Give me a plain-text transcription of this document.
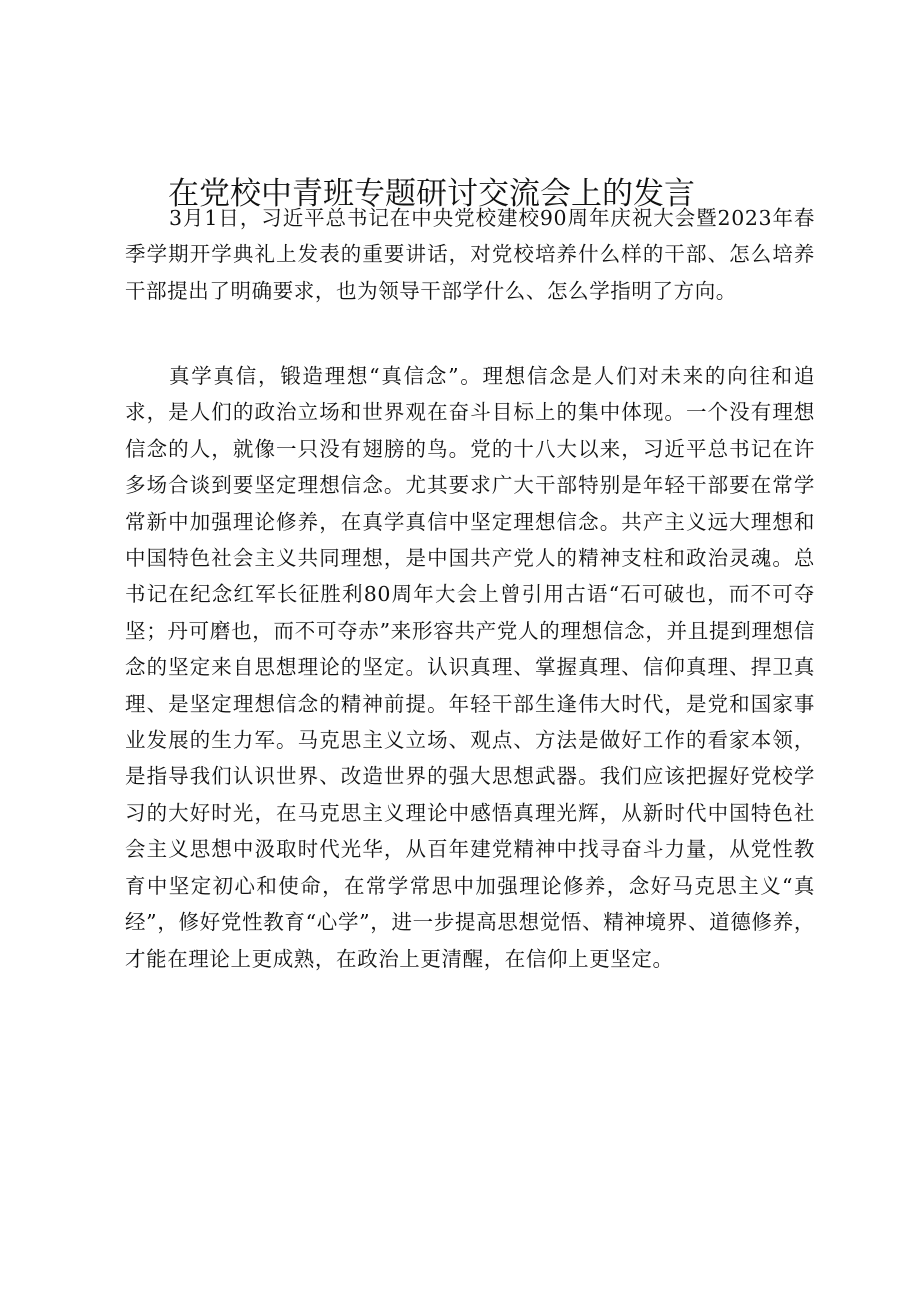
在党校中青班专题研讨交流会上的发言

3月1日，习近平总书记在中央党校建校90周年庆祝大会暨2023年春季学期开学典礼上发表的重要讲话，对党校培养什么样的干部、怎么培养干部提出了明确要求，也为领导干部学什么、怎么学指明了方向。

真学真信，锻造理想“真信念”。理想信念是人们对未来的向往和追求，是人们的政治立场和世界观在奋斗目标上的集中体现。一个没有理想信念的人，就像一只没有翅膀的鸟。党的十八大以来，习近平总书记在许多场合谈到要坚定理想信念。尤其要求广大干部特别是年轻干部要在常学常新中加强理论修养，在真学真信中坚定理想信念。共产主义远大理想和中国特色社会主义共同理想，是中国共产党人的精神支柱和政治灵魂。总书记在纪念红军长征胜利80周年大会上曾引用古语“石可破也，而不可夺坚；丹可磨也，而不可夺赤”来形容共产党人的理想信念，并且提到理想信念的坚定来自思想理论的坚定。认识真理、掌握真理、信仰真理、捍卫真理、是坚定理想信念的精神前提。年轻干部生逢伟大时代，是党和国家事业发展的生力军。马克思主义立场、观点、方法是做好工作的看家本领，是指导我们认识世界、改造世界的强大思想武器。我们应该把握好党校学习的大好时光，在马克思主义理论中感悟真理光辉，从新时代中国特色社会主义思想中汲取时代光华，从百年建党精神中找寻奋斗力量，从党性教育中坚定初心和使命，在常学常思中加强理论修养，念好马克思主义“真经”，修好党性教育“心学”，进一步提高思想觉悟、精神境界、道德修养，才能在理论上更成熟，在政治上更清醒，在信仰上更坚定。
